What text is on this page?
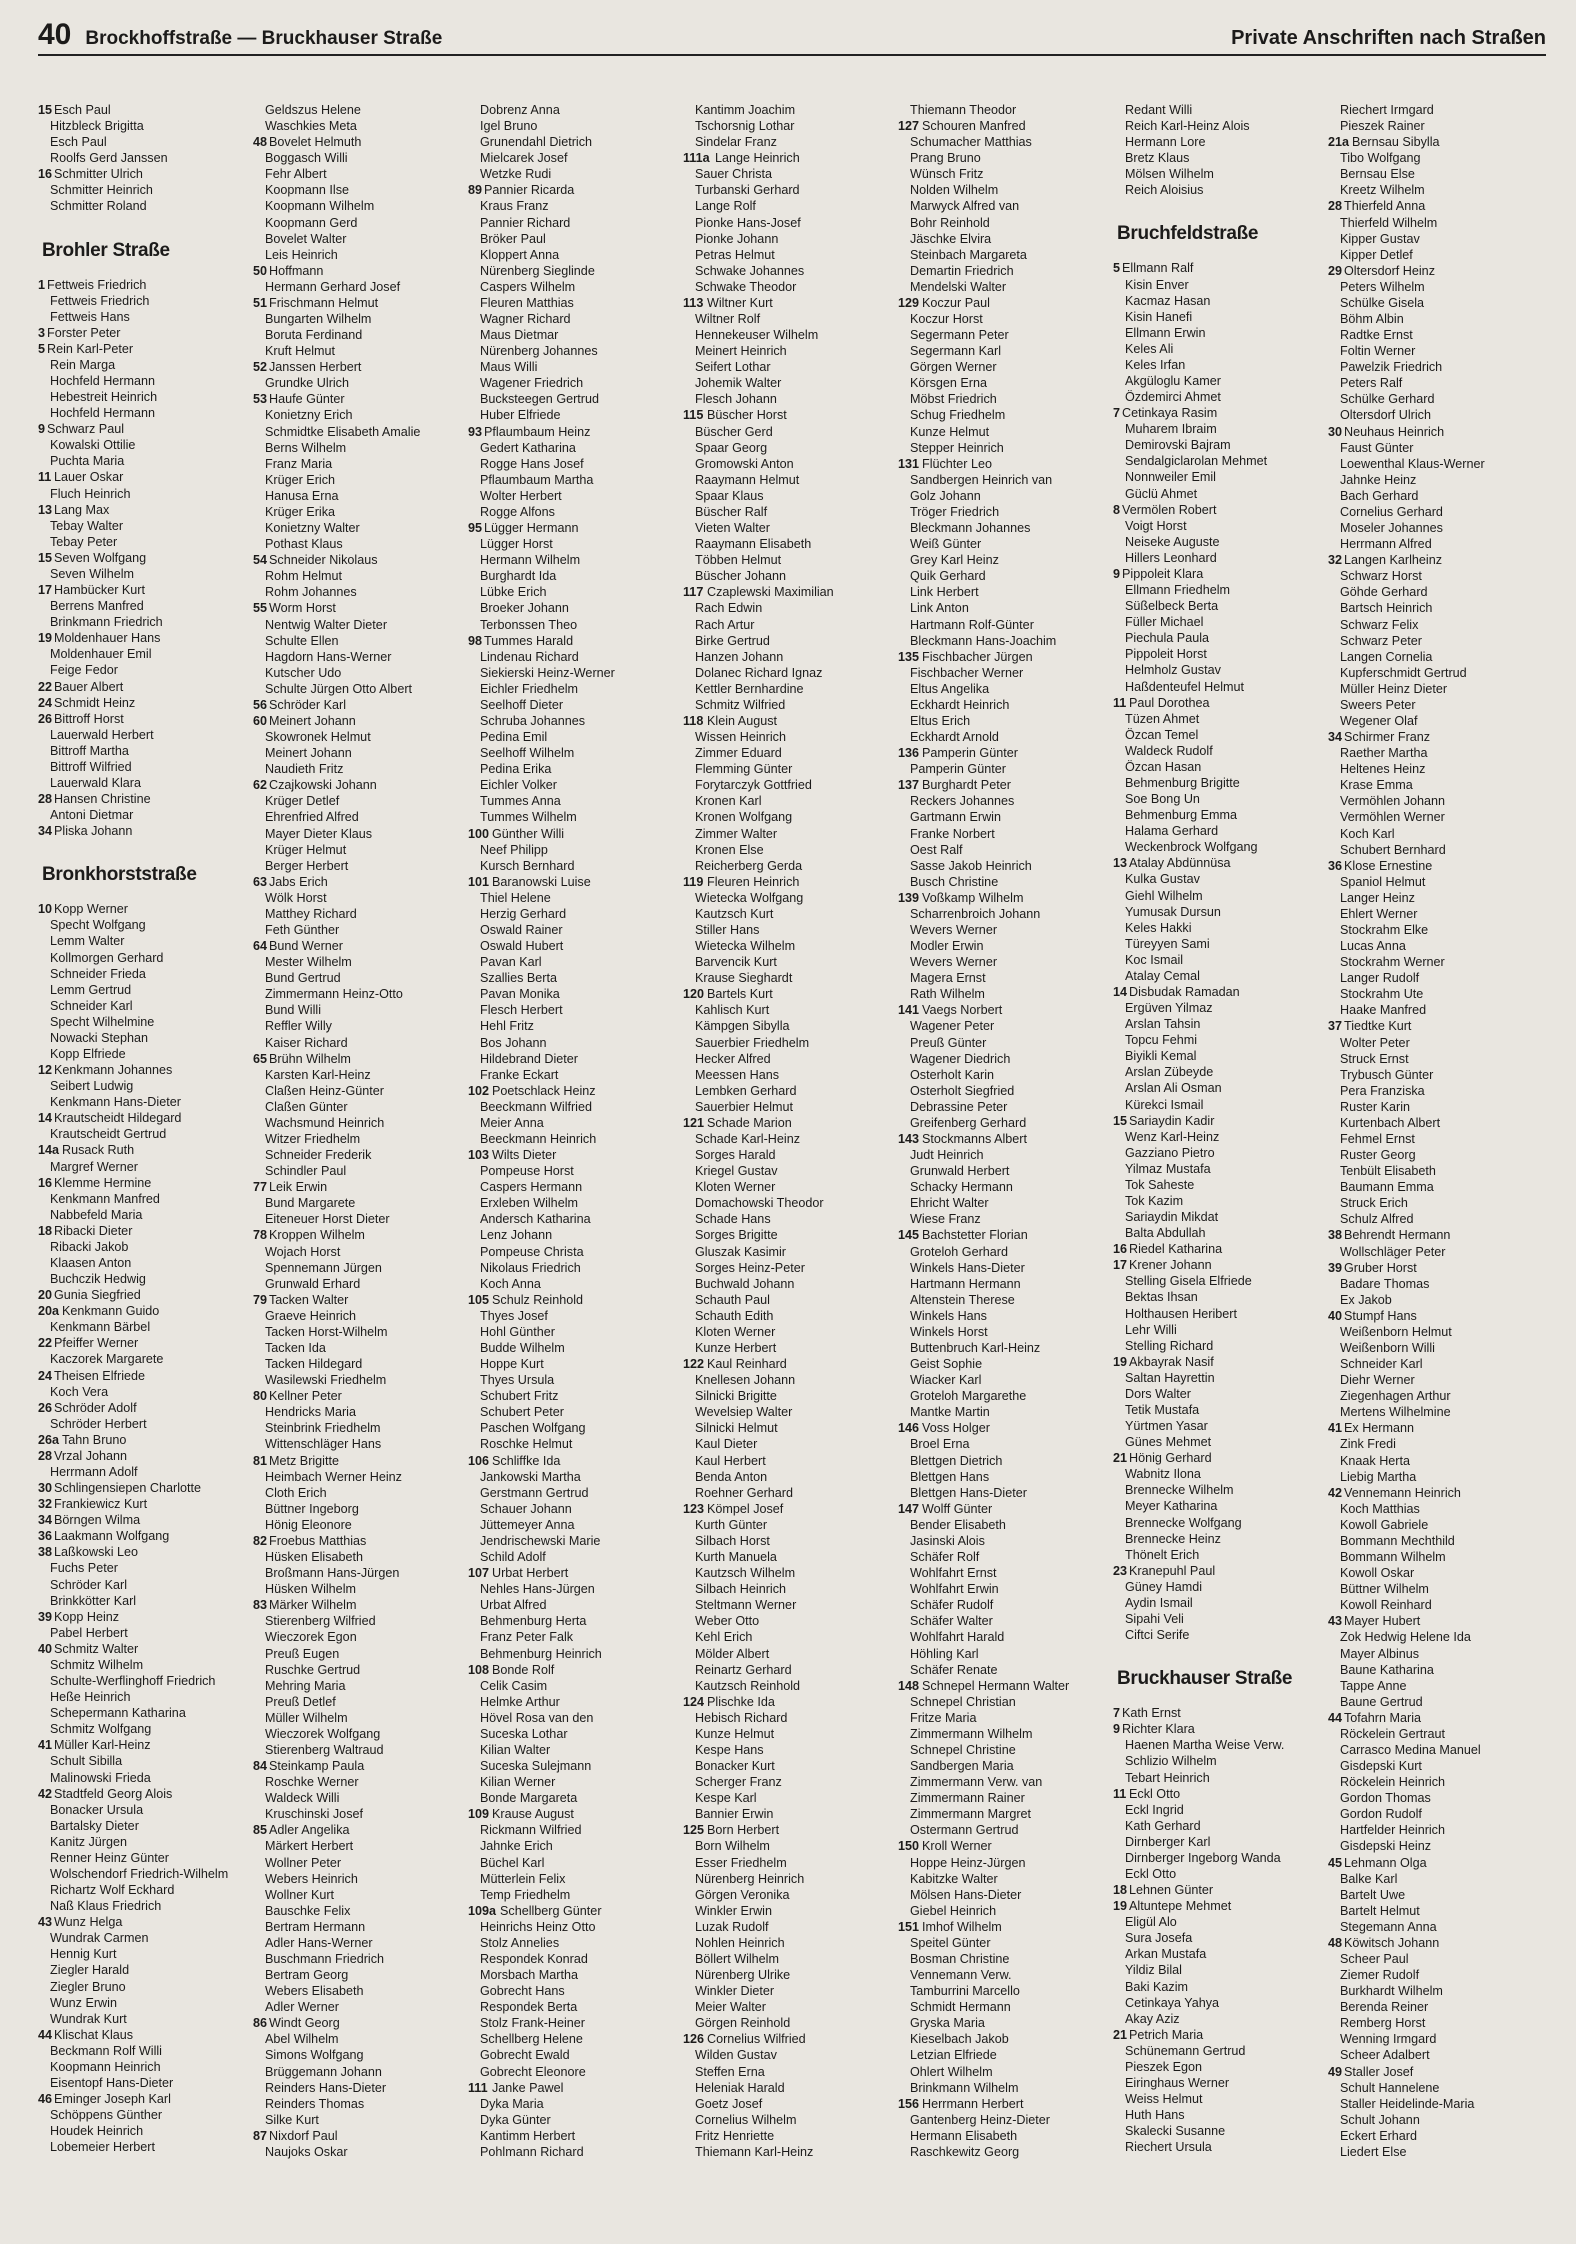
40 Brockhoffstraße — Bruckhauser Straße	Private Anschriften nach Straßen
15 Esch Paul
Hitzbleck Brigitta
Esch Paul
Roolfs Gerd Janssen
16 Schmitter Ulrich
Schmitter Heinrich
Schmitter Roland
Brohler Straße
1 Fettweis Friedrich
Fettweis Friedrich
Fettweis Hans
3 Forster Peter
5 Rein Karl-Peter
Rein Marga
Hochfeld Hermann
Hebestreit Heinrich
Hochfeld Hermann
9 Schwarz Paul
Kowalski Ottilie
Puchta Maria
11 Lauer Oskar
Fluch Heinrich
13 Lang Max
Tebay Walter
Tebay Peter
15 Seven Wolfgang
Seven Wilhelm
17 Hambücker Kurt
Berrens Manfred
Brinkmann Friedrich
19 Moldenhauer Hans
Moldenhauer Emil
Feige Fedor
22 Bauer Albert
24 Schmidt Heinz
26 Bittroff Horst
Lauerwald Herbert
Bittroff Martha
Bittroff Wilfried
Lauerwald Klara
28 Hansen Christine
Antoni Dietmar
34 Pliska Johann
Bronkhorststraße
10 Kopp Werner
Specht Wolfgang
Lemm Walter
Kollmorgen Gerhard
Schneider Frieda
Lemm Gertrud
Schneider Karl
Specht Wilhelmine
Nowacki Stephan
Kopp Elfriede
12 Kenkmann Johannes
Seibert Ludwig
Kenkmann Hans-Dieter
14 Krautscheidt Hildegard
Krautscheidt Gertrud
14a Rusack Ruth
Margref Werner
16 Klemme Hermine
Kenkmann Manfred
Nabbefeld Maria
18 Ribacki Dieter
Ribacki Jakob
Klaasen Anton
Buchczik Hedwig
20 Gunia Siegfried
20a Kenkmann Guido
Kenkmann Bärbel
22 Pfeiffer Werner
Kaczorek Margarete
24 Theisen Elfriede
Koch Vera
26 Schröder Adolf
Schröder Herbert
26a Tahn Bruno
28 Vrzal Johann
Herrmann Adolf
30 Schlingensiepen Charlotte
32 Frankiewicz Kurt
34 Börngen Wilma
36 Laakmann Wolfgang
38 Laßkowski Leo
Fuchs Peter
Schröder Karl
Brinkkötter Karl
39 Kopp Heinz
Pabel Herbert
40 Schmitz Walter
Schmitz Wilhelm
Schulte-Werflinghoff Friedrich
Heße Heinrich
Schepermann Katharina
Schmitz Wolfgang
41 Müller Karl-Heinz
Schult Sibilla
Malinowski Frieda
42 Stadtfeld Georg Alois
Bonacker Ursula
Bartalsky Dieter
Kanitz Jürgen
Renner Heinz Günter
Wolschendorf Friedrich-Wilhelm
Richartz Wolf Eckhard
Naß Klaus Friedrich
43 Wunz Helga
Wundrak Carmen
Hennig Kurt
Ziegler Harald
Ziegler Bruno
Wunz Erwin
Wundrak Kurt
44 Klischat Klaus
Beckmann Rolf Willi
Koopmann Heinrich
Eisentopf Hans-Dieter
46 Eminger Joseph Karl
Schöppens Günther
Houdek Heinrich
Lobemeier Herbert
Geldszus Helene
Waschkies Meta
48 Bovelet Helmuth
Boggasch Willi
Fehr Albert
Koopmann Ilse
Koopmann Wilhelm
Koopmann Gerd
Bovelet Walter
Leis Heinrich
50 Hoffmann
Hermann Gerhard Josef
51 Frischmann Helmut
Bungarten Wilhelm
Boruta Ferdinand
Kruft Helmut
52 Janssen Herbert
Grundke Ulrich
53 Haufe Günter
Konietzny Erich
Schmidtke Elisabeth Amalie
Berns Wilhelm
Franz Maria
Krüger Erich
Hanusa Erna
Krüger Erika
Konietzny Walter
Pothast Klaus
54 Schneider Nikolaus
Rohm Helmut
Rohm Johannes
55 Worm Horst
Nentwig Walter Dieter
Schulte Ellen
Hagdorn Hans-Werner
Kutscher Udo
Schulte Jürgen Otto Albert
56 Schröder Karl
60 Meinert Johann
Skowronek Helmut
Meinert Johann
Naudieth Fritz
62 Czajkowski Johann
Krüger Detlef
Ehrenfried Alfred
Mayer Dieter Klaus
Krüger Helmut
Berger Herbert
63 Jabs Erich
Wölk Horst
Matthey Richard
Feth Günther
64 Bund Werner
Mester Wilhelm
Bund Gertrud
Zimmermann Heinz-Otto
Bund Willi
Reffler Willy
Kaiser Richard
65 Brühn Wilhelm
Karsten Karl-Heinz
Claßen Heinz-Günter
Claßen Günter
Wachsmund Heinrich
Witzer Friedhelm
Schneider Frederik
Schindler Paul
77 Leik Erwin
Bund Margarete
Eiteneuer Horst Dieter
78 Kroppen Wilhelm
Wojach Horst
Spennemann Jürgen
Grunwald Erhard
79 Tacken Walter
Graeve Heinrich
Tacken Horst-Wilhelm
Tacken Ida
Tacken Hildegard
Wasilewski Friedhelm
80 Kellner Peter
Hendricks Maria
Steinbrink Friedhelm
Wittenschläger Hans
81 Metz Brigitte
Heimbach Werner Heinz
Cloth Erich
Büttner Ingeborg
Hönig Eleonore
82 Froebus Matthias
Hüsken Elisabeth
Broßmann Hans-Jürgen
Hüsken Wilhelm
83 Märker Wilhelm
Stierenberg Wilfried
Wieczorek Egon
Preuß Eugen
Ruschke Gertrud
Mehring Maria
Preuß Detlef
Müller Wilhelm
Wieczorek Wolfgang
Stierenberg Waltraud
84 Steinkamp Paula
Roschke Werner
Waldeck Willi
Kruschinski Josef
85 Adler Angelika
Märkert Herbert
Wollner Peter
Webers Heinrich
Wollner Kurt
Bauschke Felix
Bertram Hermann
Adler Hans-Werner
Buschmann Friedrich
Bertram Georg
Webers Elisabeth
Adler Werner
86 Windt Georg
Abel Wilhelm
Simons Wolfgang
Brüggemann Johann
Reinders Hans-Dieter
Reinders Thomas
Silke Kurt
87 Nixdorf Paul
Naujoks Oskar
Dobrenz Anna
Igel Bruno
Grunendahl Dietrich
Mielcarek Josef
Wetzke Rudi
89 Pannier Ricarda
Kraus Franz
Pannier Richard
Bröker Paul
Kloppert Anna
Nürenberg Sieglinde
Caspers Wilhelm
Fleuren Matthias
Wagner Richard
Maus Dietmar
Nürenberg Johannes
Maus Willi
Wagener Friedrich
Bucksteegen Gertrud
Huber Elfriede
93 Pflaumbaum Heinz
Gedert Katharina
Rogge Hans Josef
Pflaumbaum Martha
Wolter Herbert
Rogge Alfons
95 Lügger Hermann
Lügger Horst
Hermann Wilhelm
Burghardt Ida
Lübke Erich
Broeker Johann
Terbonssen Theo
98 Tummes Harald
Lindenau Richard
Siekierski Heinz-Werner
Eichler Friedhelm
Seelhoff Dieter
Schruba Johannes
Pedina Emil
Seelhoff Wilhelm
Pedina Erika
Eichler Volker
Tummes Anna
Tummes Wilhelm
100 Günther Willi
Neef Philipp
Kursch Bernhard
101 Baranowski Luise
Thiel Helene
Herzig Gerhard
Oswald Rainer
Oswald Hubert
Pavan Karl
Szallies Berta
Pavan Monika
Flesch Herbert
Hehl Fritz
Bos Johann
Hildebrand Dieter
Franke Eckart
102 Poetschlack Heinz
Beeckmann Wilfried
Meier Anna
Beeckmann Heinrich
103 Wilts Dieter
Pompeuse Horst
Caspers Hermann
Erxleben Wilhelm
Andersch Katharina
Lenz Johann
Pompeuse Christa
Nikolaus Friedrich
Koch Anna
105 Schulz Reinhold
Thyes Josef
Hohl Günther
Budde Wilhelm
Hoppe Kurt
Thyes Ursula
Schubert Fritz
Schubert Peter
Paschen Wolfgang
Roschke Helmut
106 Schliffke Ida
Jankowski Martha
Gerstmann Gertrud
Schauer Johann
Jüttemeyer Anna
Jendrischewski Marie
Schild Adolf
107 Urbat Herbert
Nehles Hans-Jürgen
Urbat Alfred
Behmenburg Herta
Franz Peter Falk
Behmenburg Heinrich
108 Bonde Rolf
Celik Casim
Helmke Arthur
Hövel Rosa van den
Suceska Lothar
Kilian Walter
Suceska Sulejmann
Kilian Werner
Bonde Margareta
109 Krause August
Rickmann Wilfried
Jahnke Erich
Büchel Karl
Mütterlein Felix
Temp Friedhelm
109a Schellberg Günter
Heinrichs Heinz Otto
Stolz Annelies
Respondek Konrad
Morsbach Martha
Gobrecht Hans
Respondek Berta
Stolz Frank-Heiner
Schellberg Helene
Gobrecht Ewald
Gobrecht Eleonore
111 Janke Pawel
Dyka Maria
Dyka Günter
Kantimm Herbert
Pohlmann Richard
Kantimm Joachim
Tschorsnig Lothar
Sindelar Franz
111a Lange Heinrich
Sauer Christa
Turbanski Gerhard
Lange Rolf
Pionke Hans-Josef
Pionke Johann
Petras Helmut
Schwake Johannes
Schwake Theodor
113 Wiltner Kurt
Wiltner Rolf
Hennekeuser Wilhelm
Meinert Heinrich
Seifert Lothar
Johemik Walter
Flesch Johann
115 Büscher Horst
Büscher Gerd
Spaar Georg
Gromowski Anton
Raaymann Helmut
Spaar Klaus
Büscher Ralf
Vieten Walter
Raaymann Elisabeth
Többen Helmut
Büscher Johann
117 Czaplewski Maximilian
Rach Edwin
Rach Artur
Birke Gertrud
Hanzen Johann
Dolanec Richard Ignaz
Kettler Bernhardine
Schmitz Wilfried
118 Klein August
Wissen Heinrich
Zimmer Eduard
Flemming Günter
Forytarczyk Gottfried
Kronen Karl
Kronen Wolfgang
Zimmer Walter
Kronen Else
Reicherberg Gerda
119 Fleuren Heinrich
Wietecka Wolfgang
Kautzsch Kurt
Stiller Hans
Wietecka Wilhelm
Barvencik Kurt
Krause Sieghardt
120 Bartels Kurt
Kahlisch Kurt
Kämpgen Sibylla
Sauerbier Friedhelm
Hecker Alfred
Meessen Hans
Lembken Gerhard
Sauerbier Helmut
121 Schade Marion
Schade Karl-Heinz
Sorges Harald
Kriegel Gustav
Kloten Werner
Domachowski Theodor
Schade Hans
Sorges Brigitte
Gluszak Kasimir
Sorges Heinz-Peter
Buchwald Johann
Schauth Paul
Schauth Edith
Kloten Werner
Kunze Herbert
122 Kaul Reinhard
Knellesen Johann
Silnicki Brigitte
Wevelsiep Walter
Silnicki Helmut
Kaul Dieter
Kaul Herbert
Benda Anton
Roehner Gerhard
123 Kömpel Josef
Kurth Günter
Silbach Horst
Kurth Manuela
Kautzsch Wilhelm
Silbach Heinrich
Steltmann Werner
Weber Otto
Kehl Erich
Mölder Albert
Reinartz Gerhard
Kautzsch Reinhold
124 Plischke Ida
Hebisch Richard
Kunze Helmut
Kespe Hans
Bonacker Kurt
Scherger Franz
Kespe Karl
Bannier Erwin
125 Born Herbert
Born Wilhelm
Esser Friedhelm
Nürenberg Heinrich
Görgen Veronika
Winkler Erwin
Luzak Rudolf
Nohlen Heinrich
Böllert Wilhelm
Nürenberg Ulrike
Winkler Dieter
Meier Walter
Görgen Reinhold
126 Cornelius Wilfried
Wilden Gustav
Steffen Erna
Heleniak Harald
Goetz Josef
Cornelius Wilhelm
Fritz Henriette
Thiemann Karl-Heinz
Thiemann Theodor
127 Schouren Manfred
Schumacher Matthias
Prang Bruno
Wünsch Fritz
Nolden Wilhelm
Marwyck Alfred van
Bohr Reinhold
Jäschke Elvira
Steinbach Margareta
Demartin Friedrich
Mendelski Walter
129 Koczur Paul
Koczur Horst
Segermann Peter
Segermann Karl
Görgen Werner
Körsgen Erna
Möbst Friedrich
Schug Friedhelm
Kunze Helmut
Stepper Heinrich
131 Flüchter Leo
Sandbergen Heinrich van
Golz Johann
Tröger Friedrich
Bleckmann Johannes
Weiß Günter
Grey Karl Heinz
Quik Gerhard
Link Herbert
Link Anton
Hartmann Rolf-Günter
Bleckmann Hans-Joachim
135 Fischbacher Jürgen
Fischbacher Werner
Eltus Angelika
Eckhardt Heinrich
Eltus Erich
Eckhardt Arnold
136 Pamperin Günter
Pamperin Günter
137 Burghardt Peter
Reckers Johannes
Gartmann Erwin
Franke Norbert
Oest Ralf
Sasse Jakob Heinrich
Busch Christine
139 Voßkamp Wilhelm
Scharrenbroich Johann
Wevers Werner
Modler Erwin
Wevers Werner
Magera Ernst
Rath Wilhelm
141 Vaegs Norbert
Wagener Peter
Preuß Günter
Wagener Diedrich
Osterholt Karin
Osterholt Siegfried
Debrassine Peter
Greifenberg Gerhard
143 Stockmanns Albert
Judt Heinrich
Grunwald Herbert
Schacky Hermann
Ehricht Walter
Wiese Franz
145 Bachstetter Florian
Groteloh Gerhard
Winkels Hans-Dieter
Hartmann Hermann
Altenstein Therese
Winkels Hans
Winkels Horst
Buttenbruch Karl-Heinz
Geist Sophie
Wiacker Karl
Groteloh Margarethe
Mantke Martin
146 Voss Holger
Broel Erna
Blettgen Dietrich
Blettgen Hans
Blettgen Hans-Dieter
147 Wolff Günter
Bender Elisabeth
Jasinski Alois
Schäfer Rolf
Wohlfahrt Ernst
Wohlfahrt Erwin
Schäfer Rudolf
Schäfer Walter
Wohlfahrt Harald
Höhling Karl
Schäfer Renate
148 Schnepel Hermann Walter
Schnepel Christian
Fritze Maria
Zimmermann Wilhelm
Schnepel Christine
Sandbergen Maria
Zimmermann Verw. van
Zimmermann Rainer
Zimmermann Margret
Ostermann Gertrud
150 Kroll Werner
Hoppe Heinz-Jürgen
Kabitzke Walter
Mölsen Hans-Dieter
Giebel Heinrich
151 Imhof Wilhelm
Speitel Günter
Bosman Christine
Vennemann Verw.
Tamburrini Marcello
Schmidt Hermann
Gryska Maria
Kieselbach Jakob
Letzian Elfriede
Ohlert Wilhelm
Brinkmann Wilhelm
156 Herrmann Herbert
Gantenberg Heinz-Dieter
Hermann Elisabeth
Raschkewitz Georg
Redant Willi
Reich Karl-Heinz Alois
Hermann Lore
Bretz Klaus
Mölsen Wilhelm
Reich Aloisius
Bruchfeldstraße
5 Ellmann Ralf
Kisin Enver
Kacmaz Hasan
Kisin Hanefi
Ellmann Erwin
Keles Ali
Keles Irfan
Akgüloglu Kamer
Özdemirci Ahmet
7 Cetinkaya Rasim
Muharem Ibraim
Demirovski Bajram
Sendalgiclarolan Mehmet
Nonnweiler Emil
Güclü Ahmet
8 Vermölen Robert
Voigt Horst
Neiseke Auguste
Hillers Leonhard
9 Pippoleit Klara
Ellmann Friedhelm
Süßelbeck Berta
Füller Michael
Piechula Paula
Pippoleit Horst
Helmholz Gustav
Haßdenteufel Helmut
11 Paul Dorothea
Tüzen Ahmet
Özcan Temel
Waldeck Rudolf
Özcan Hasan
Behmenburg Brigitte
Soe Bong Un
Behmenburg Emma
Halama Gerhard
Weckenbrock Wolfgang
13 Atalay Abdünnüsa
Kulka Gustav
Giehl Wilhelm
Yumusak Dursun
Keles Hakki
Türeyyen Sami
Koc Ismail
Atalay Cemal
14 Disbudak Ramadan
Ergüven Yilmaz
Arslan Tahsin
Topcu Fehmi
Biyikli Kemal
Arslan Zübeyde
Arslan Ali Osman
Kürekci Ismail
15 Sariaydin Kadir
Wenz Karl-Heinz
Gazziano Pietro
Yilmaz Mustafa
Tok Saheste
Tok Kazim
Sariaydin Mikdat
Balta Abdullah
16 Riedel Katharina
17 Krener Johann
Stelling Gisela Elfriede
Bektas Ihsan
Holthausen Heribert
Lehr Willi
Stelling Richard
19 Akbayrak Nasif
Saltan Hayrettin
Dors Walter
Tetik Mustafa
Yürtmen Yasar
Günes Mehmet
21 Hönig Gerhard
Wabnitz Ilona
Brennecke Wilhelm
Meyer Katharina
Brennecke Wolfgang
Brennecke Heinz
Thönelt Erich
23 Kranepuhl Paul
Güney Hamdi
Aydin Ismail
Sipahi Veli
Ciftci Serife
Bruckhauser Straße
7 Kath Ernst
9 Richter Klara
Haenen Martha Weise Verw.
Schlizio Wilhelm
Tebart Heinrich
11 Eckl Otto
Eckl Ingrid
Kath Gerhard
Dirnberger Karl
Dirnberger Ingeborg Wanda
Eckl Otto
18 Lehnen Günter
19 Altuntepe Mehmet
Eligül Alo
Sura Josefa
Arkan Mustafa
Yildiz Bilal
Baki Kazim
Cetinkaya Yahya
Akay Aziz
21 Petrich Maria
Schünemann Gertrud
Pieszek Egon
Eiringhaus Werner
Weiss Helmut
Huth Hans
Skalecki Susanne
Riechert Ursula
Riechert Irmgard
Pieszek Rainer
21a Bernsau Sibylla
Tibo Wolfgang
Bernsau Else
Kreetz Wilhelm
28 Thierfeld Anna
Thierfeld Wilhelm
Kipper Gustav
Kipper Detlef
29 Oltersdorf Heinz
Peters Wilhelm
Schülke Gisela
Böhm Albin
Radtke Ernst
Foltin Werner
Pawelzik Friedrich
Peters Ralf
Schülke Gerhard
Oltersdorf Ulrich
30 Neuhaus Heinrich
Faust Günter
Loewenthal Klaus-Werner
Jahnke Heinz
Bach Gerhard
Cornelius Gerhard
Moseler Johannes
Herrmann Alfred
32 Langen Karlheinz
Schwarz Horst
Göhde Gerhard
Bartsch Heinrich
Schwarz Felix
Schwarz Peter
Langen Cornelia
Kupferschmidt Gertrud
Müller Heinz Dieter
Sweers Peter
Wegener Olaf
34 Schirmer Franz
Raether Martha
Heltenes Heinz
Krase Emma
Vermöhlen Johann
Vermöhlen Werner
Koch Karl
Schubert Bernhard
36 Klose Ernestine
Spaniol Helmut
Langer Heinz
Ehlert Werner
Stockrahm Elke
Lucas Anna
Stockrahm Werner
Langer Rudolf
Stockrahm Ute
Haake Manfred
37 Tiedtke Kurt
Wolter Peter
Struck Ernst
Trybusch Günter
Pera Franziska
Ruster Karin
Kurtenbach Albert
Fehmel Ernst
Ruster Georg
Tenbült Elisabeth
Baumann Emma
Struck Erich
Schulz Alfred
38 Behrendt Hermann
Wollschläger Peter
39 Gruber Horst
Badare Thomas
Ex Jakob
40 Stumpf Hans
Weißenborn Helmut
Weißenborn Willi
Schneider Karl
Diehr Werner
Ziegenhagen Arthur
Mertens Wilhelmine
41 Ex Hermann
Zink Fredi
Knaak Herta
Liebig Martha
42 Vennemann Heinrich
Koch Matthias
Kowoll Gabriele
Bommann Mechthild
Bommann Wilhelm
Kowoll Oskar
Büttner Wilhelm
Kowoll Reinhard
43 Mayer Hubert
Zok Hedwig Helene Ida
Mayer Albinus
Baune Katharina
Tappe Anne
Baune Gertrud
44 Tofahrn Maria
Röckelein Gertraut
Carrasco Medina Manuel
Gisdepski Kurt
Röckelein Heinrich
Gordon Thomas
Gordon Rudolf
Hartfelder Heinrich
Gisdepski Heinz
45 Lehmann Olga
Balke Karl
Bartelt Uwe
Bartelt Helmut
Stegemann Anna
48 Köwitsch Johann
Scheer Paul
Ziemer Rudolf
Burkhardt Wilhelm
Berenda Reiner
Remberg Horst
Wenning Irmgard
Scheer Adalbert
49 Staller Josef
Schult Hannelene
Staller Heidelinde-Maria
Schult Johann
Eckert Erhard
Liedert Else
